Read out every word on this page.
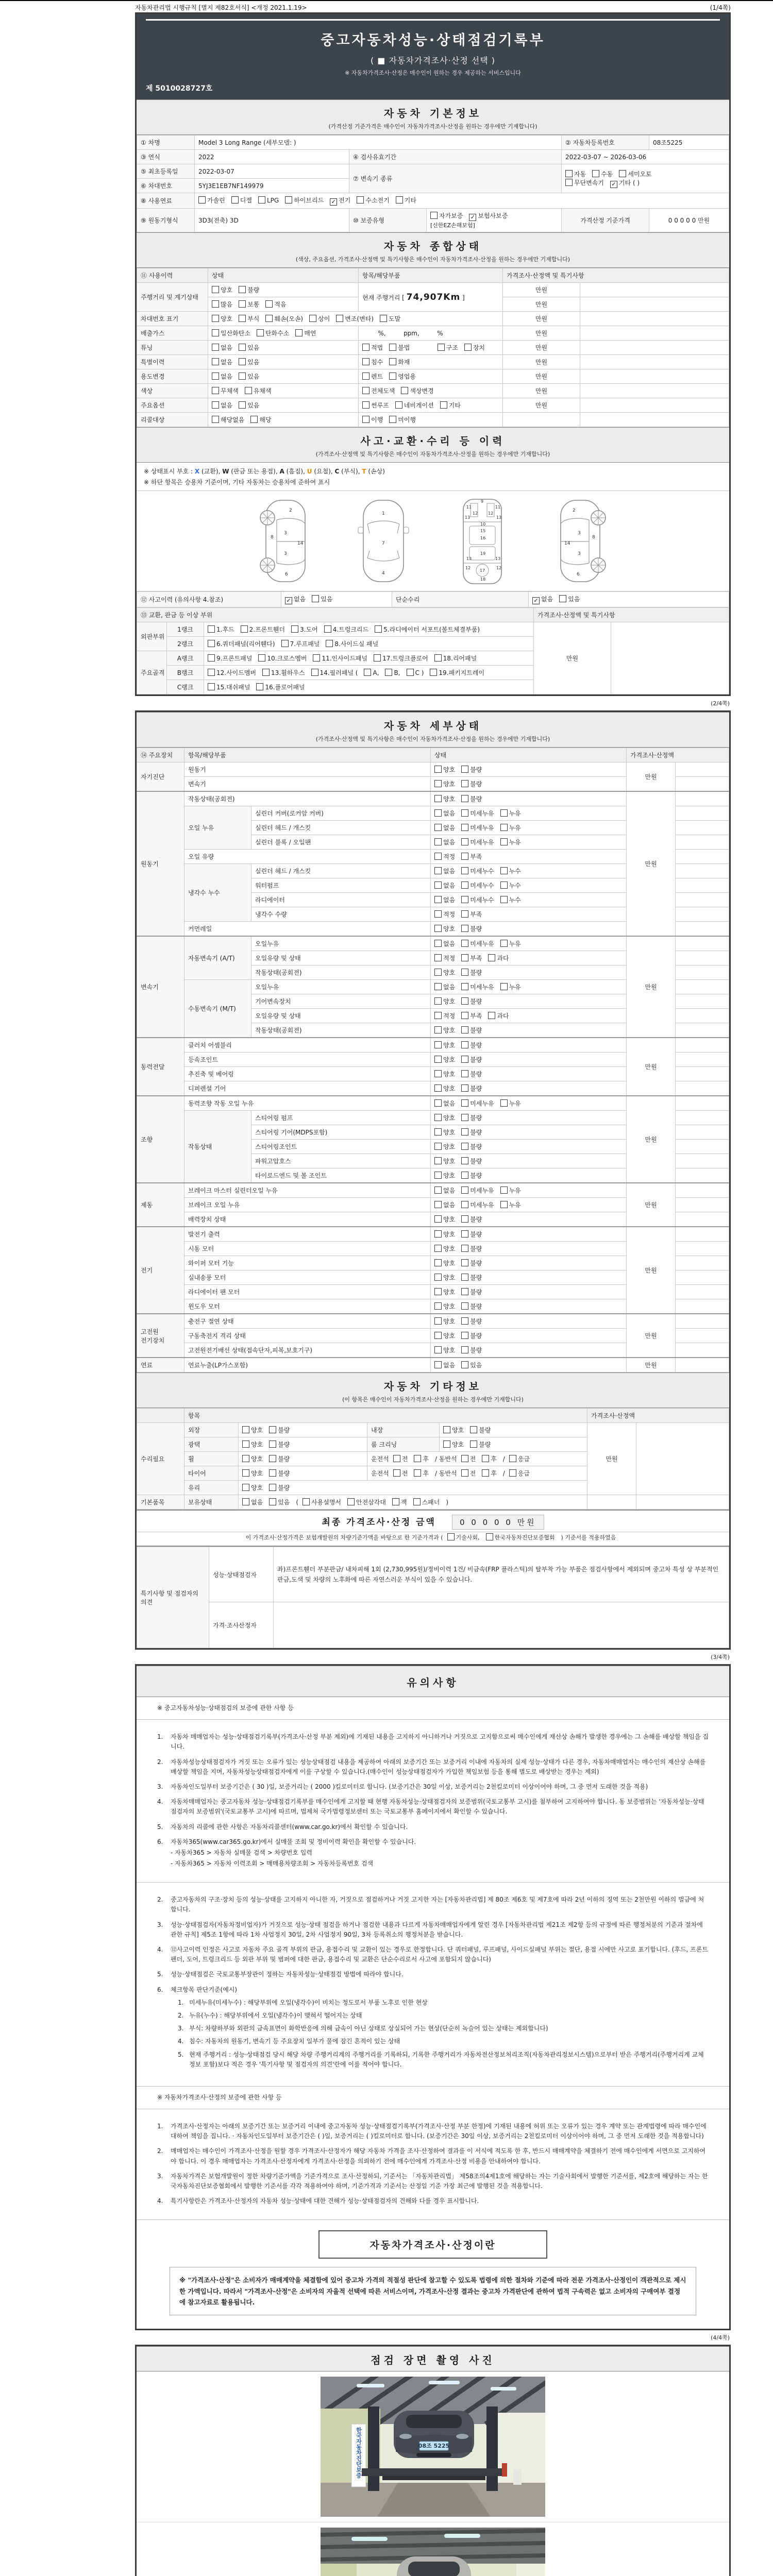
자동차관리법 시행규칙 [별지 제82호서식] <개정 2021.1.19>	(1/4쪽)
중고자동차성능·상태점검기록부
( ■ 자동차가격조사·산정 선택 )
※ 자동차가격조사·산정은 매수인이 원하는 경우 제공하는 서비스입니다
제 5010028727호
자동차 기본정보
(가격산정 기준가격은 매수인이 자동차가격조사·산정을 원하는 경우에만 기재합니다)
① 차명	Model 3 Long Range (세부모델: )			② 자동차등록번호	08조5225
③ 연식	2022	④ 검사유효기간		2022-03-07 ~ 2026-03-06	
⑤ 최초등록일	2022-03-07	⑦ 변속기 종류		자동 수동 세미오토
무단변속기 ✓ 기타 ( )	

⑥ 차대번호	5YJ3E1EB7NF149979				
⑧ 사용연료	가솔린 디젤 LPG 하이브리드 ✓ 전기 수소전기 기타				
⑨ 원동기형식	3D3(전축) 3D	⑩ 보증유형	자가보증 ✓ 보험사보증[신한EZ손해보험]	가격산정 기준가격	0 0 0 0 0 만원
자동차 종합상태
(색상, 주요옵션, 가격조사·산정액 및 특기사항은 매수인이 자동차가격조사·산정을 원하는 경우에만 기재합니다)
⑪ 사용이력	상태	항목/해당부품	가격조사·산정액 및 특기사항	
주행거리 및 계기상태	양호 불량	현재 주행거리 [ 74,907Km ]	만원	
	많음 보통 적음		만원	
차대번호 표기	양호 부식 훼손(오손) 상이 변조(변타) 도말		만원	
배출가스	일산화탄소 탄화수소 매연	%,         ppm,         %	만원	
튜닝	없음 있음	적법 불법 구조 장치	만원	
특별이력	없음 있음	침수 화재	만원	
용도변경	없음 있음	렌트 영업용	만원	
색상	무채색 유채색	전체도색 색상변경	만원	
주요옵션	없음 있음	썬루프 네비게이션 기타	만원	
리콜대상	해당없음 해당	이행 미이행		
사고·교환·수리 등 이력
(가격조사·산정액 및 특기사항은 매수인이 자동차가격조사·산정을 원하는 경우에만 기재합니다)
※ 상태표시 부호 : X (교환), W (판금 또는 용접), A (흠집), U (요철), C (부식), T (손상)
※ 하단 항목은 승용차 기준이며, 기타 자동차는 승용차에 준하여 표시
2
8
3
14
3
6
1
7
4
11
9
11
13
12 12
13
10
15
16
19
13	13
12
17
12
18
2
8
3
14
3
6
⑫ 사고이력 (유의사항 4.참조)	✓ 없음 있음	단순수리	✓ 없음 있음
⑬ 교환, 판금 등 이상 부위			가격조사·산정액 및 특기사항	
외판부위	1랭크	1.후드 2.프론트휀더 3.도어 4.트렁크리드 5.라디에이터 서포트(볼트체결부품)	만원	
	2랭크	6.쿼더패널(리어휀다) 7.루프패널 8.사이드실 패널		
주요골격	A랭크	9.프론트패널 10.크로스멤버 11.인사이드패널 17.트렁크플로어 18.리어패널		
	B랭크	12.사이드멤버 13.휠하우스 14.필러패널 ( A, B, C ) 19.패키지트레이		
	C랭크	15.대쉬패널 16.플로어패널		
(2/4쪽)
자동차 세부상태
(가격조사·산정액 및 특기사항은 매수인이 자동차가격조사·산정을 원하는 경우에만 기재합니다)
⑭ 주요장치	항목/해당부품		상태	가격조사·산정액	
자기진단	원동기		양호 불량	만원	
	변속기		양호 불량		
원동기	작동상태(공회전)		양호 불량	만원	
	오일 누유	실린더 커버(로커암 커버)	없음 미세누유 누유		
		실린더 헤드 / 개스킷	없음 미세누유 누유		
		실린더 블록 / 오일팬	없음 미세누유 누유		
	오일 유량		적정 부족		
	냉각수 누수	실린더 헤드 / 개스킷	없음 미세누수 누수		
		워터펌프	없음 미세누수 누수		
		라디에이터	없음 미세누수 누수		
		냉각수 수량	적정 부족		
	커먼레일		양호 불량		
변속기	자동변속기 (A/T)	오일누유	없음 미세누유 누유	만원	
		오일유량 및 상태	적정 부족 과다		
		작동상태(공회전)	양호 불량		
	수동변속기 (M/T)	오일누유	없음 미세누유 누유		
		기어변속장치	양호 불량		
		오일유량 및 상태	적정 부족 과다		
		작동상태(공회전)	양호 불량		
동력전달	클러치 어셈블리		양호 불량	만원	
	등속조인트		양호 불량		
	추진축 및 베어링		양호 불량		
	디퍼렌셜 기어		양호 불량		
조향	동력조향 작동 오일 누유		없음 미세누유 누유	만원	
	작동상태	스티어링 펌프	양호 불량		
		스티어링 기어(MDPS포함)	양호 불량		
		스티어링조인트	양호 불량		
		파워고압호스	양호 불량		
		타이로드엔드 및 볼 조인트	양호 불량		
제동	브레이크 마스터 실린더오일 누유		없음 미세누유 누유	만원	
	브레이크 오일 누유		없음 미세누유 누유		
	배력장치 상태		양호 불량		
전기	발전기 출력		양호 불량	만원	
	시동 모터		양호 불량		
	와이퍼 모터 기능		양호 불량		
	실내송풍 모터		양호 불량		
	라디에이터 팬 모터		양호 불량		
	윈도우 모터		양호 불량		
고전원 전기장치	충전구 절연 상태		양호 불량	만원	
	구동축전지 격리 상태		양호 불량		
	고전원전기배선 상태(접속단자,피복,보호기구)		양호 불량		
연료	연료누출(LP가스포함)		없음 있음	만원	
자동차 기타정보
(이 항목은 매수인이 자동차가격조사·산정을 원하는 경우에만 기재합니다)
	항목				가격조사·산정액	
수리필요	외장	양호 불량	내장	양호 불량	만원	
	광택	양호 불량	룸 크리닝	양호 불량		
	휠	양호 불량	운전석 전 후 / 동반석 전 후 / 응급			
	타이어	양호 불량	운전석 전 후 / 동반석 전 후 / 응급			
	유리	양호 불량				
기본품목	보유상태	없음 있음 ( 사용설명서 안전삼각대 잭 스패너 )				
최종 가격조사·산정 금액	0 0 0 0 0 만원
이 가격조사·산정가격은 보험개발원의 차량기준가액을 바탕으로 한 기준가격과 ( 기술사회,	한국자동차진단보증협회 ) 기준서를 적용하였음
특기사항 및 점검자의 의견	성능·상태점검자	좌)프론트휀더 부분판금/ 내차피해 1회 (2,730,995원)/정비이력 1건/ 비금속(FRP 플라스틱)의 탈부착 가능 부품은 점검사항에서 제외되며 중고차 특성 상 부분적인 판금,도색 및 차량의 노후화에 따른 자연스러운 부식이 있을 수 있습니다.
	가격·조사산정자	
(3/4쪽)
유의사항
※ 중고자동차성능·상태점검의 보증에 관한 사항 등
1.	자동차 매매업자는 성능·상태점검기록부(가격조사·산정 부분 제외)에 기재된 내용을 고지하지 아니하거나 거짓으로 고지함으로써 매수인에게 재산상 손해가 발생한 경우에는 그 손해를 배상할 책임을 집니다.
2.	자동차성능상태점검자가 거짓 또는 오류가 있는 성능상태점검 내용을 제공하여 아래의 보증기간 또는 보증거리 이내에 자동차의 실제 성능·상태가 다른 경우, 자동차매매업자는 매수인의 재산상 손해를 배상할 책임을 지며, 자동차성능상태점검자에게 이를 구상할 수 있습니다.(매수인이 성능상태점검자가 가입한 책임보험 등을 통해 별도로 배상받는 경우는 제외)
3.	자동차인도일부터 보증기간은 ( 30 )일, 보증거리는 ( 2000 )킬로미터로 합니다. (보증기간은 30일 이상, 보증거리는 2천킬로미터 이상이어야 하며, 그 중 먼저 도래한 것을 적용)
4.	자동차매매업자는 중고자동차 성능·상태점검기록부를 매수인에게 고지할 때 현행 자동차성능·상태점검자의 보증범위(국토교통부 고시)를 첨부하여 고지하여야 합니다. 동 보증범위는 '자동차성능·상태점검자의 보증범위'(국토교통부 고시)에 따르며, 법제처 국가법령정보센터 또는 국토교통부 홈페이지에서 확인할 수 있습니다.
5.	자동차의 리콜에 관한 사항은 자동차리콜센터(www.car.go.kr)에서 확인할 수 있습니다.
6.	자동차365(www.car365.go.kr)에서 실매물 조회 및 정비이력 확인을 확인할 수 있습니다.
- 자동차365 > 자동차 실매물 검색 > 차량번호 입력
- 자동차365 > 자동차 이력조회 > 매매용차량조회 > 자동차등록번호 검색
2.	중고자동차의 구조·장치 등의 성능·상태를 고지하지 아니한 자, 거짓으로 점검하거나 거짓 고지한 자는 [자동차관리법] 제 80조 제6호 및 제7호에 따라 2년 이하의 징역 또는 2천만원 이하의 벌금에 처합니다.
3.	성능·상태점검자(자동차정비업자)가 거짓으로 성능·상태 점검을 하거나 점검한 내용과 다르게 자동차매매업자에게 알린 경우 [자동차관리법 제21조 제2항 등의 규정에 따른 행정처분의 기준과 절차에 관한 규칙] 제5조 1항에 따라 1차 사업정지 30일, 2차 사업정지 90일, 3차 등록취소의 행정처분을 받습니다.
4.	⑫사고이력 인정은 사고로 자동차 주요 골격 부위의 판금, 용접수리 및 교환이 있는 경우로 한정합니다. 단 쿼터패널, 루프패널, 사이드실패널 부위는 절단, 용접 시에만 사고로 표기합니다. (후드, 프론트펜더, 도어, 트렁크리드 등 외판 부위 및 범퍼에 대한 판금, 용접수리 및 교환은 단순수리로서 사고에 포함되지 않습니다)
5.	성능·상태점검은 국토교통부장관이 정하는 자동차성능·상태점검 방법에 따라야 합니다.
6.	체크항목 판단기준(예시)
1. 미세누유(미세누수) : 해당부위에 오일(냉각수)이 비치는 정도로서 부품 노후로 인한 현상
2. 누유(누수) : 해당부위에서 오일(냉각수)이 맺혀서 떨어지는 상태
3. 부식: 차량하부와 외판의 금속표면이 화학반응에 의해 금속이 아닌 상태로 상실되어 가는 현상(단순히 녹슬어 있는 상태는 제외합니다)
4. 침수: 자동차의 원동기, 변속기 등 주요장치 일부가 물에 잠긴 흔적이 있는 상태
5. 현재 주행거리 : 성능·상태점검 당시 해당 차량 주행거리계의 주행거리를 기록하되, 기록한 주행거리가 자동차전산정보처리조직(자동차관리정보시스템)으로부터 받은 주행거리(주행거리계 교체 정보 포함)보다 적은 경우 '특기사항 및 점검자의 의견'란에 이를 적어야 합니다.
※ 자동차가격조사·산정의 보증에 관한 사항 등
1.	가격조사·산정자는 아래의 보증기간 또는 보증거리 이내에 중고자동차 성능·상태점검기록부(가격조사·산정 부분 한정)에 기재된 내용에 허위 또는 오류가 있는 경우 계약 또는 관계법령에 따라 매수인에 대하여 책임을 집니다. · 자동차인도일부터 보증기간은 ( )일, 보증거리는 ( )킬로미터로 합니다. (보증기간은 30일 이상, 보증거리는 2천킬로미터 이상이어야 하며, 그 중 먼저 도래한 것을 적용합니다)
2.	매매업자는 매수인이 가격조사·산정을 원할 경우 가격조사·산정자가 해당 자동차 가격을 조사·산정하여 결과를 이 서식에 적도록 한 후, 반드시 매매계약을 체결하기 전에 매수인에게 서면으로 고지하여야 합니다. 이 경우 매매업자는 가격조사·산정자에게 가격조사·산정을 의뢰하기 전에 매수인에게 가격조사·산정 비용을 안내하여야 합니다.
3.	자동차가격은 보험개발원이 정한 차량기준가액을 기준가격으로 조사·산정하되, 기준서는 「자동차관리법」 제58조의4제1호에 해당하는 자는 기술사회에서 발행한 기준서를, 제2호에 해당하는 자는 한국자동차진단보증협회에서 발행한 기준서를 각각 적용하여야 하며, 기준가격과 기준서는 산정일 기준 가장 최근에 발행된 것을 적용합니다.
4.	특기사항란은 가격조사·산정자의 자동차 성능·상태에 대한 견해가 성능·상태점검자의 견해와 다를 경우 표시합니다.
자동차가격조사·산정이란

※ "가격조사·산정"은 소비자가 매매계약을 체결함에 있어 중고차 가격의 적절성 판단에 참고할 수 있도록 법령에 의한 절차와 기준에 따라 전문 가격조사·산정인이 객관적으로 제시한 가액입니다. 따라서 "가격조사·산정"은 소비자의 자율적 선택에 따른 서비스이며, 가격조사·산정 결과는 중고차 가격판단에 관하여 법적 구속력은 없고 소비자의 구매여부 결정에 참고자료로 활용됩니다.

(4/4쪽)
점검 장면 촬영 사진
한국자동차진단보증	08조 5225
